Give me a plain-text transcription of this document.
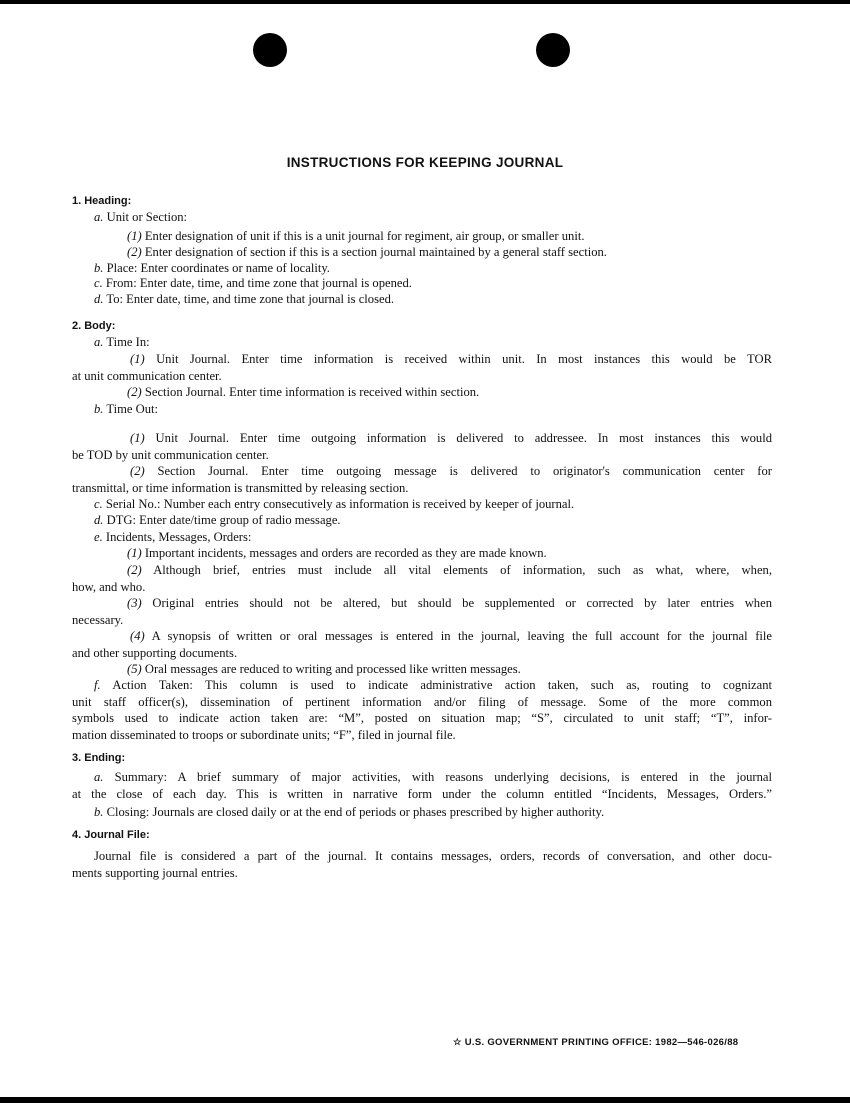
INSTRUCTIONS FOR KEEPING JOURNAL
1. Heading:
a. Unit or Section:
(1) Enter designation of unit if this is a unit journal for regiment, air group, or smaller unit.
(2) Enter designation of section if this is a section journal maintained by a general staff section.
b. Place: Enter coordinates or name of locality.
c. From: Enter date, time, and time zone that journal is opened.
d. To: Enter date, time, and time zone that journal is closed.
2. Body:
a. Time In:
(1) Unit Journal. Enter time information is received within unit. In most instances this would be TOR
at unit communication center.
(2) Section Journal. Enter time information is received within section.
b. Time Out:
(1) Unit Journal. Enter time outgoing information is delivered to addressee. In most instances this would
be TOD by unit communication center.
(2) Section Journal. Enter time outgoing message is delivered to originator's communication center for
transmittal, or time information is transmitted by releasing section.
c. Serial No.: Number each entry consecutively as information is received by keeper of journal.
d. DTG: Enter date/time group of radio message.
e. Incidents, Messages, Orders:
(1) Important incidents, messages and orders are recorded as they are made known.
(2) Although brief, entries must include all vital elements of information, such as what, where, when,
how, and who.
(3) Original entries should not be altered, but should be supplemented or corrected by later entries when
necessary.
(4) A synopsis of written or oral messages is entered in the journal, leaving the full account for the journal file
and other supporting documents.
(5) Oral messages are reduced to writing and processed like written messages.
f. Action Taken: This column is used to indicate administrative action taken, such as, routing to cognizant
unit staff officer(s), dissemination of pertinent information and/or filing of message. Some of the more common
symbols used to indicate action taken are: “M”, posted on situation map; “S”, circulated to unit staff; “T”, infor-
mation disseminated to troops or subordinate units; “F”, filed in journal file.
3. Ending:
a. Summary: A brief summary of major activities, with reasons underlying decisions, is entered in the journal
at the close of each day. This is written in narrative form under the column entitled “Incidents, Messages, Orders.”
b. Closing: Journals are closed daily or at the end of periods or phases prescribed by higher authority.
4. Journal File:
Journal file is considered a part of the journal. It contains messages, orders, records of conversation, and other docu-
ments supporting journal entries.
☆ U.S. GOVERNMENT PRINTING OFFICE: 1982—546-026/88
